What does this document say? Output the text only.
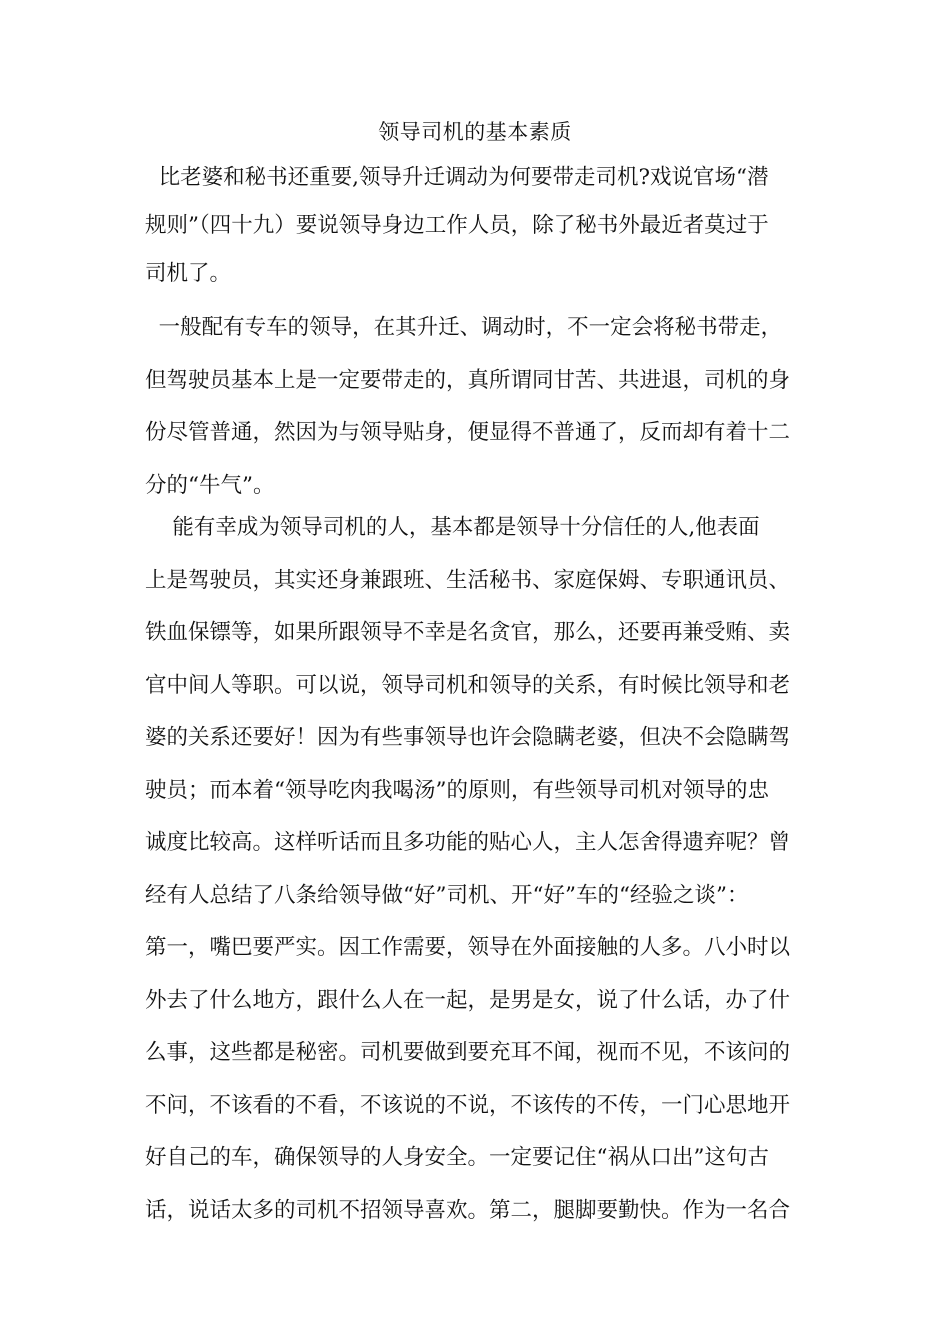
领导司机的基本素质
比老婆和秘书还重要,领导升迁调动为何要带走司机?戏说官场“潜
规则”（四十九）要说领导身边工作人员，除了秘书外最近者莫过于
司机了。
一般配有专车的领导，在其升迁、调动时，不一定会将秘书带走，
但驾驶员基本上是一定要带走的，真所谓同甘苦、共进退，司机的身
份尽管普通，然因为与领导贴身，便显得不普通了，反而却有着十二
分的“牛气”。
能有幸成为领导司机的人，基本都是领导十分信任的人,他表面
上是驾驶员，其实还身兼跟班、生活秘书、家庭保姆、专职通讯员、
铁血保镖等，如果所跟领导不幸是名贪官，那么，还要再兼受贿、卖
官中间人等职。可以说，领导司机和领导的关系，有时候比领导和老
婆的关系还要好！因为有些事领导也许会隐瞒老婆，但决不会隐瞒驾
驶员；而本着“领导吃肉我喝汤”的原则，有些领导司机对领导的忠
诚度比较高。这样听话而且多功能的贴心人，主人怎舍得遗弃呢？曾
经有人总结了八条给领导做“好”司机、开“好”车的“经验之谈”：
第一，嘴巴要严实。因工作需要，领导在外面接触的人多。八小时以
外去了什么地方，跟什么人在一起，是男是女，说了什么话，办了什
么事，这些都是秘密。司机要做到要充耳不闻，视而不见，不该问的
不问，不该看的不看，不该说的不说，不该传的不传，一门心思地开
好自己的车，确保领导的人身安全。一定要记住“祸从口出”这句古
话，说话太多的司机不招领导喜欢。第二，腿脚要勤快。作为一名合
